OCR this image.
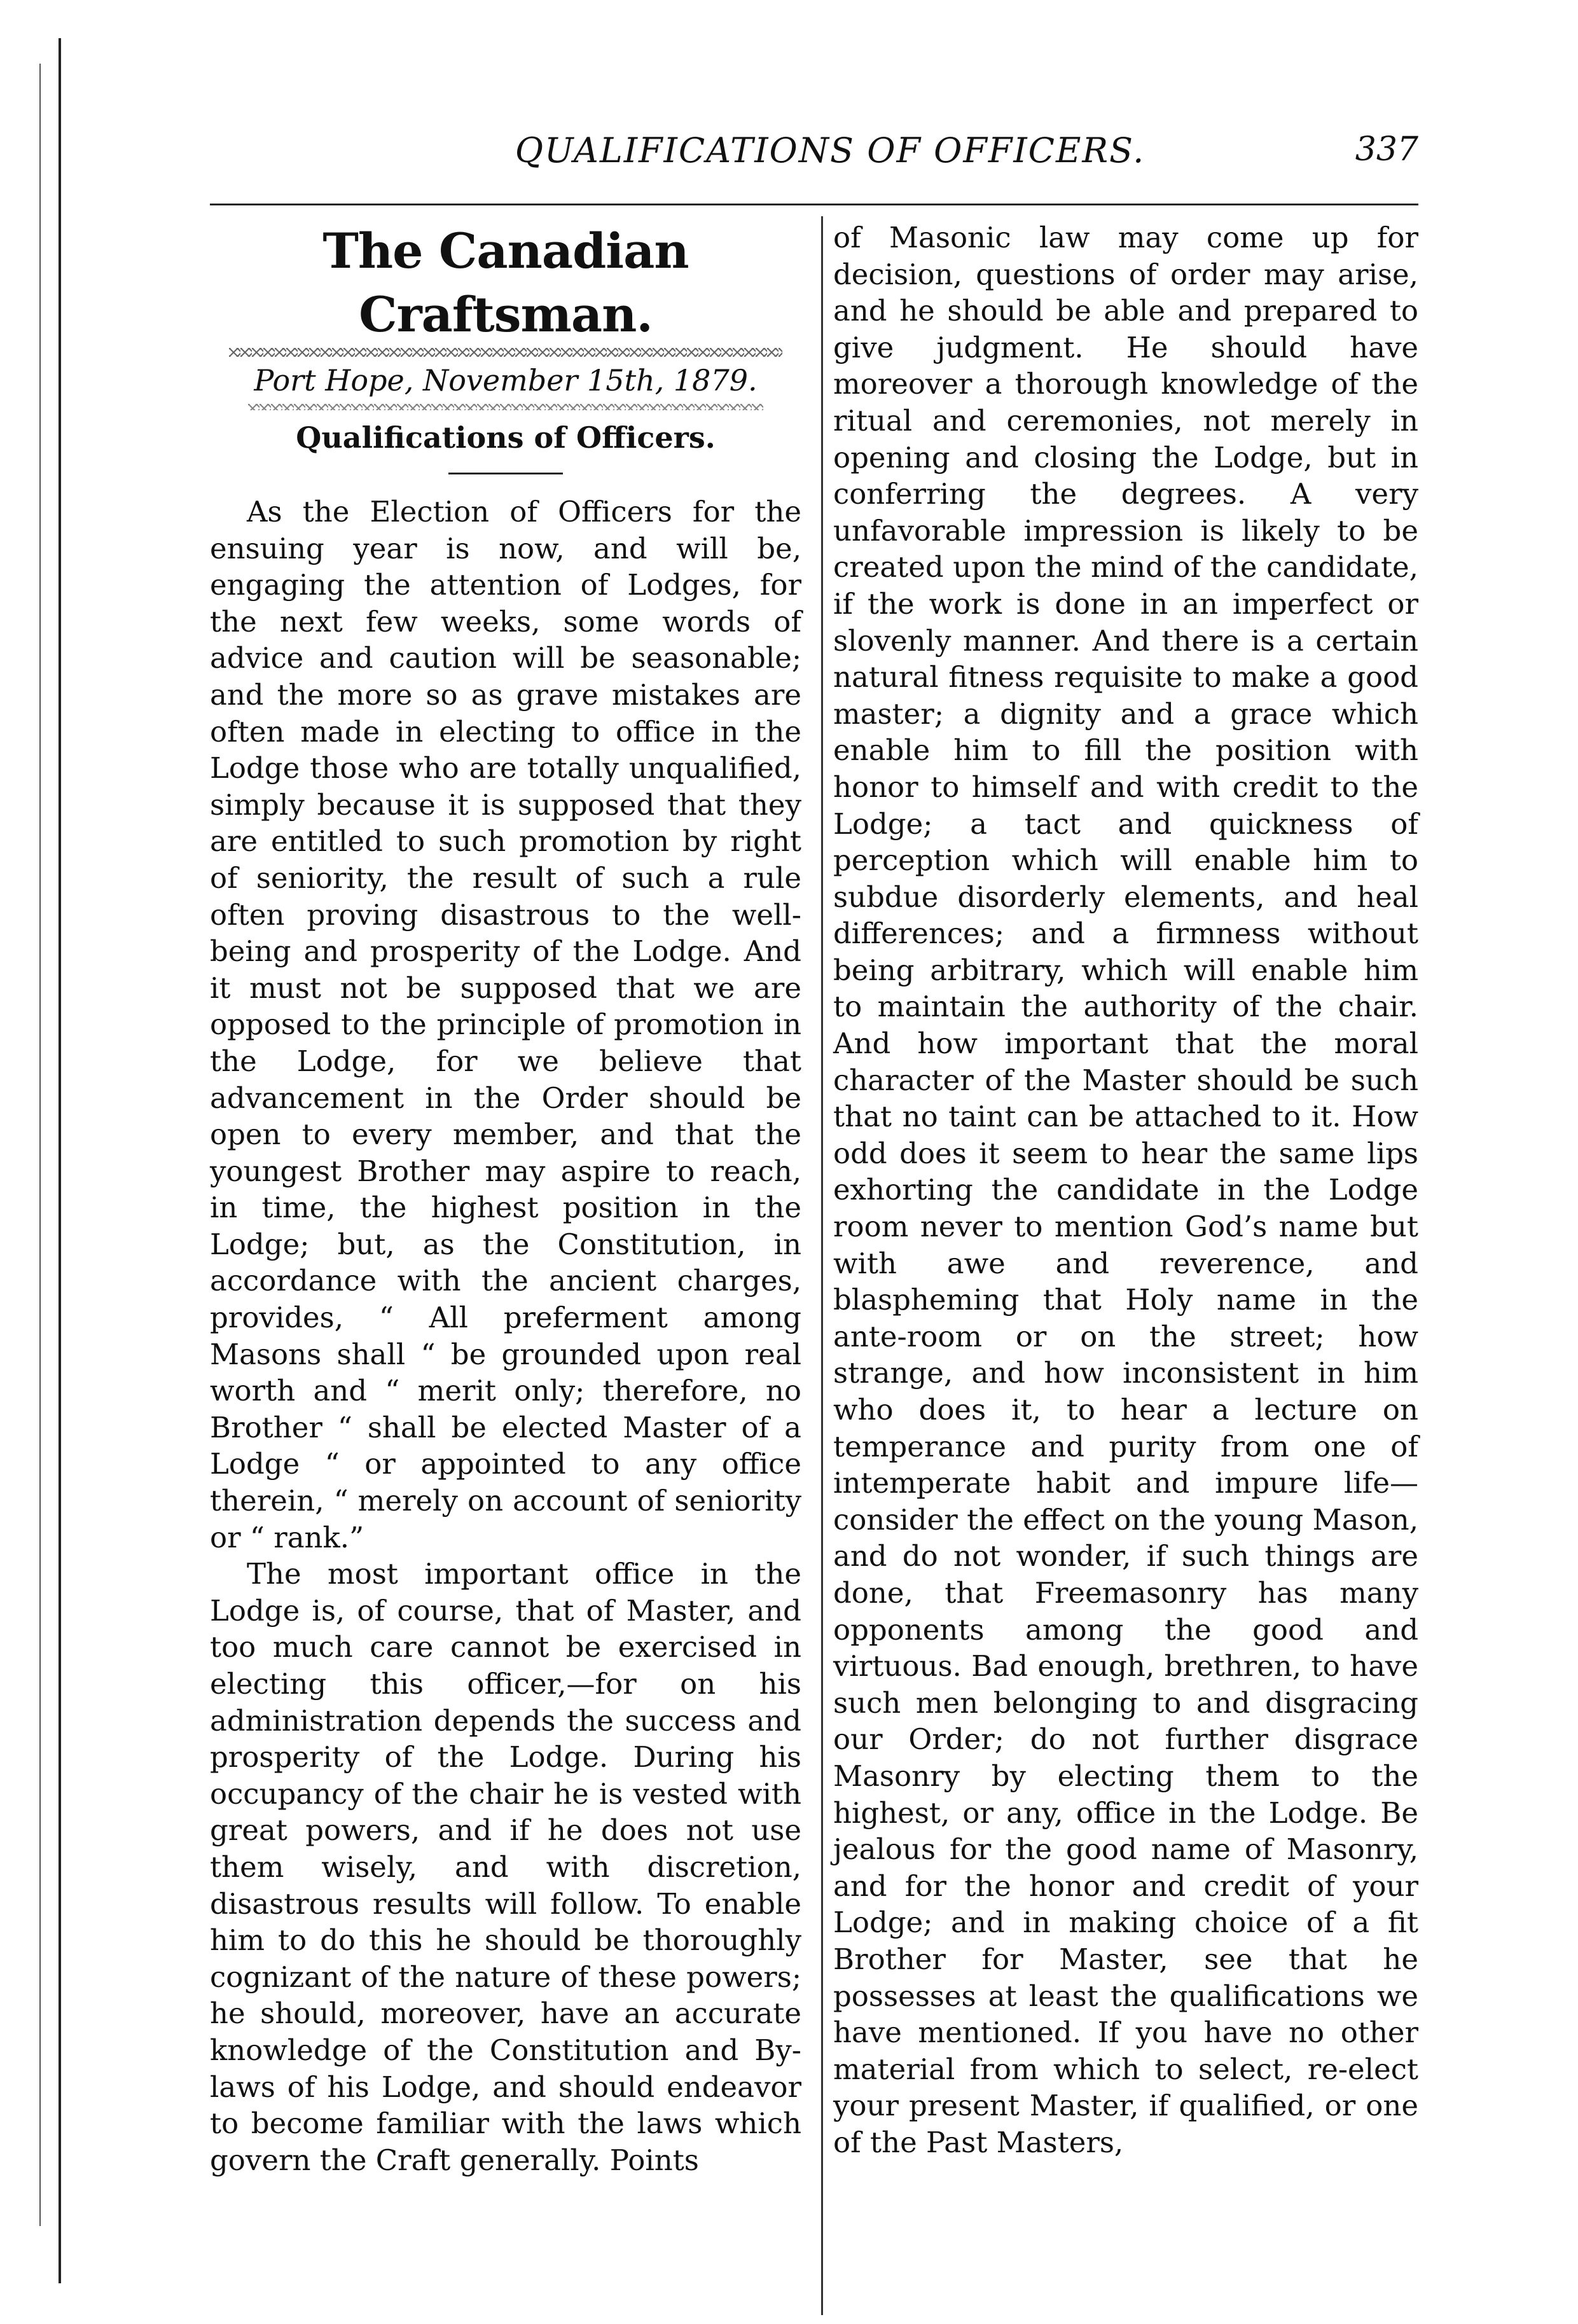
QUALIFICATIONS OF OFFICERS.	337
The Canadian Craftsman.
Port Hope, November 15th, 1879.
Qualifications of Officers.

As the Election of Officers for the ensuing year is now, and will be, engaging the attention of Lodges, for the next few weeks, some words of advice and caution will be seasonable; and the more so as grave mistakes are often made in electing to office in the Lodge those who are totally unqualified, simply because it is supposed that they are entitled to such promotion by right of seniority, the result of such a rule often proving disastrous to the well-being and prosperity of the Lodge. And it must not be supposed that we are opposed to the principle of promotion in the Lodge, for we believe that advancement in the Order should be open to every member, and that the youngest Brother may aspire to reach, in time, the highest position in the Lodge; but, as the Constitution, in accordance with the ancient charges, provides, “ All preferment among Masons shall “ be grounded upon real worth and “ merit only; therefore, no Brother “ shall be elected Master of a Lodge “ or appointed to any office therein, “ merely on account of seniority or “ rank.”

The most important office in the Lodge is, of course, that of Master, and too much care cannot be exercised in electing this officer,—for on his administration depends the success and prosperity of the Lodge. During his occupancy of the chair he is vested with great powers, and if he does not use them wisely, and with discretion, disastrous results will follow. To enable him to do this he should be thoroughly cognizant of the nature of these powers; he should, moreover, have an accurate knowledge of the Constitution and By-laws of his Lodge, and should endeavor to become familiar with the laws which govern the Craft generally. Points

of Masonic law may come up for decision, questions of order may arise, and he should be able and prepared to give judgment. He should have moreover a thorough knowledge of the ritual and ceremonies, not merely in opening and closing the Lodge, but in conferring the degrees. A very unfavorable impression is likely to be created upon the mind of the candidate, if the work is done in an imperfect or slovenly manner. And there is a certain natural fitness requisite to make a good master; a dignity and a grace which enable him to fill the position with honor to himself and with credit to the Lodge; a tact and quickness of perception which will enable him to subdue disorderly elements, and heal differences; and a firmness without being arbitrary, which will enable him to maintain the authority of the chair. And how important that the moral character of the Master should be such that no taint can be attached to it. How odd does it seem to hear the same lips exhorting the candidate in the Lodge room never to mention God’s name but with awe and reverence, and blaspheming that Holy name in the ante-room or on the street; how strange, and how inconsistent in him who does it, to hear a lecture on temperance and purity from one of intemperate habit and impure life—consider the effect on the young Mason, and do not wonder, if such things are done, that Freemasonry has many opponents among the good and virtuous. Bad enough, brethren, to have such men belonging to and disgracing our Order; do not further disgrace Masonry by electing them to the highest, or any, office in the Lodge. Be jealous for the good name of Masonry, and for the honor and credit of your Lodge; and in making choice of a fit Brother for Master, see that he possesses at least the qualifications we have mentioned. If you have no other material from which to select, re-elect your present Master, if qualified, or one of the Past Masters,
